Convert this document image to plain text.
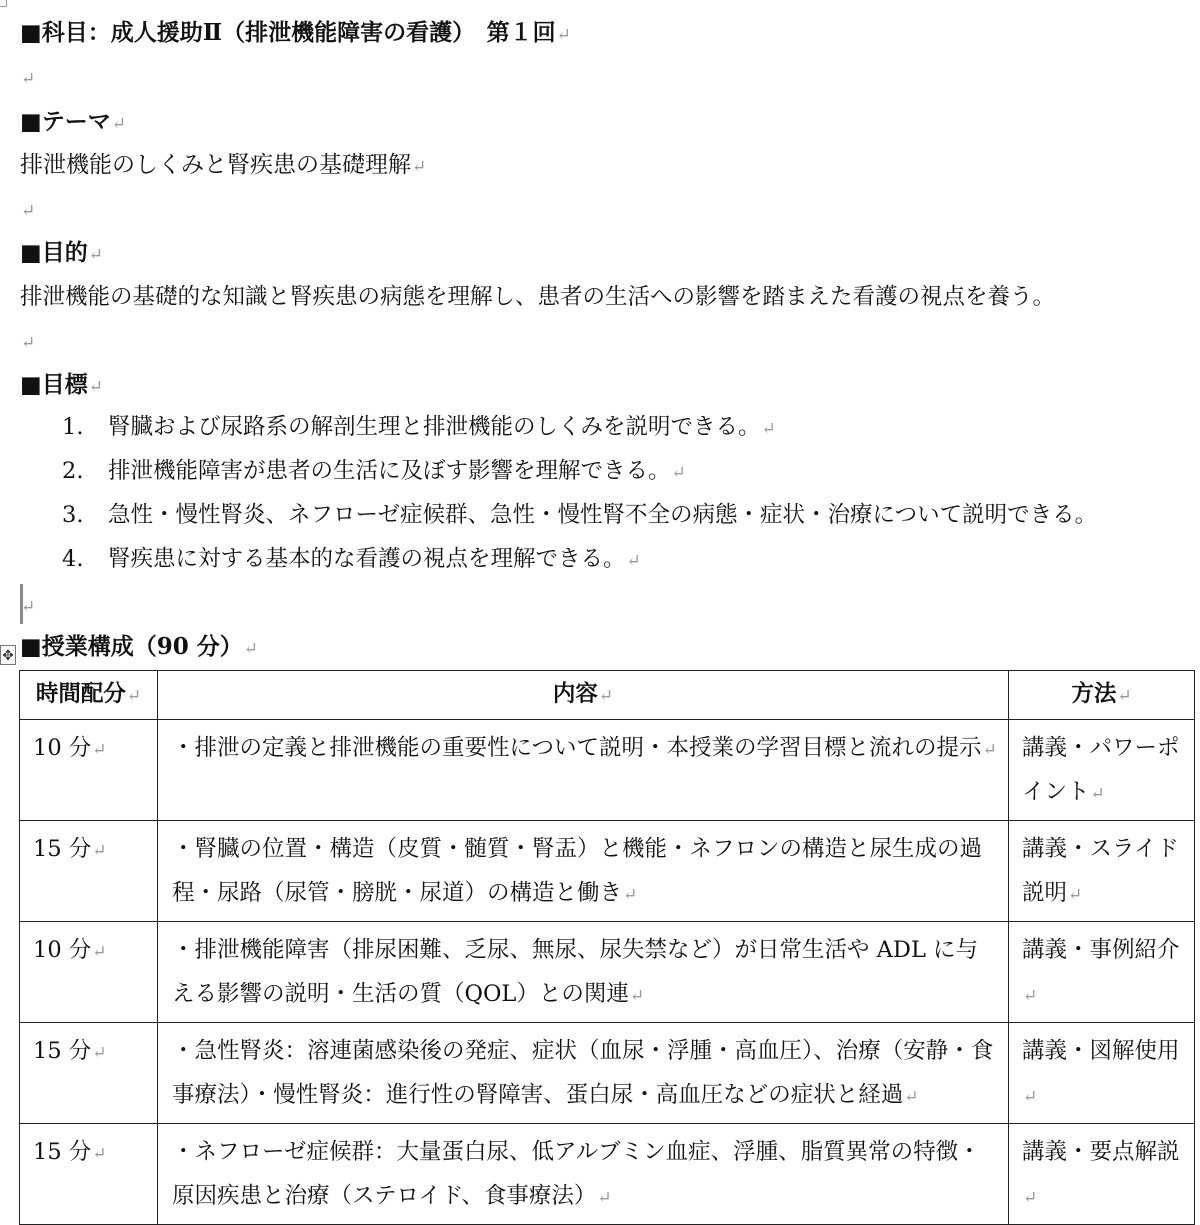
■科目：成人援助Ⅱ（排泄機能障害の看護）　第１回↵
↵
■テーマ↵
排泄機能のしくみと腎疾患の基礎理解↵
↵
■目的↵
排泄機能の基礎的な知識と腎疾患の病態を理解し、患者の生活への影響を踏まえた看護の視点を養う。
↵
■目標↵
1. 腎臓および尿路系の解剖生理と排泄機能のしくみを説明できる。↵
2. 排泄機能障害が患者の生活に及ぼす影響を理解できる。↵
3. 急性・慢性腎炎、ネフローゼ症候群、急性・慢性腎不全の病態・症状・治療について説明できる。
4. 腎疾患に対する基本的な看護の視点を理解できる。↵
↵
✥ ■授業構成（90 分）↵
時間配分↵	内容↵	方法↵
10 分↵	・排泄の定義と排泄機能の重要性について説明・本授業の学習目標と流れの提示↵	講義・パワーポイント↵
15 分↵	・腎臓の位置・構造（皮質・髄質・腎盂）と機能・ネフロンの構造と尿生成の過程・尿路（尿管・膀胱・尿道）の構造と働き↵	講義・スライド説明↵
10 分↵	・排泄機能障害（排尿困難、乏尿、無尿、尿失禁など）が日常生活や ADL に与える影響の説明・生活の質（QOL）との関連↵	講義・事例紹介↵
15 分↵	・急性腎炎：溶連菌感染後の発症、症状（血尿・浮腫・高血圧）、治療（安静・食事療法）・慢性腎炎：進行性の腎障害、蛋白尿・高血圧などの症状と経過↵	講義・図解使用↵
15 分↵	・ネフローゼ症候群：大量蛋白尿、低アルブミン血症、浮腫、脂質異常の特徴・原因疾患と治療（ステロイド、食事療法）↵	講義・要点解説↵
